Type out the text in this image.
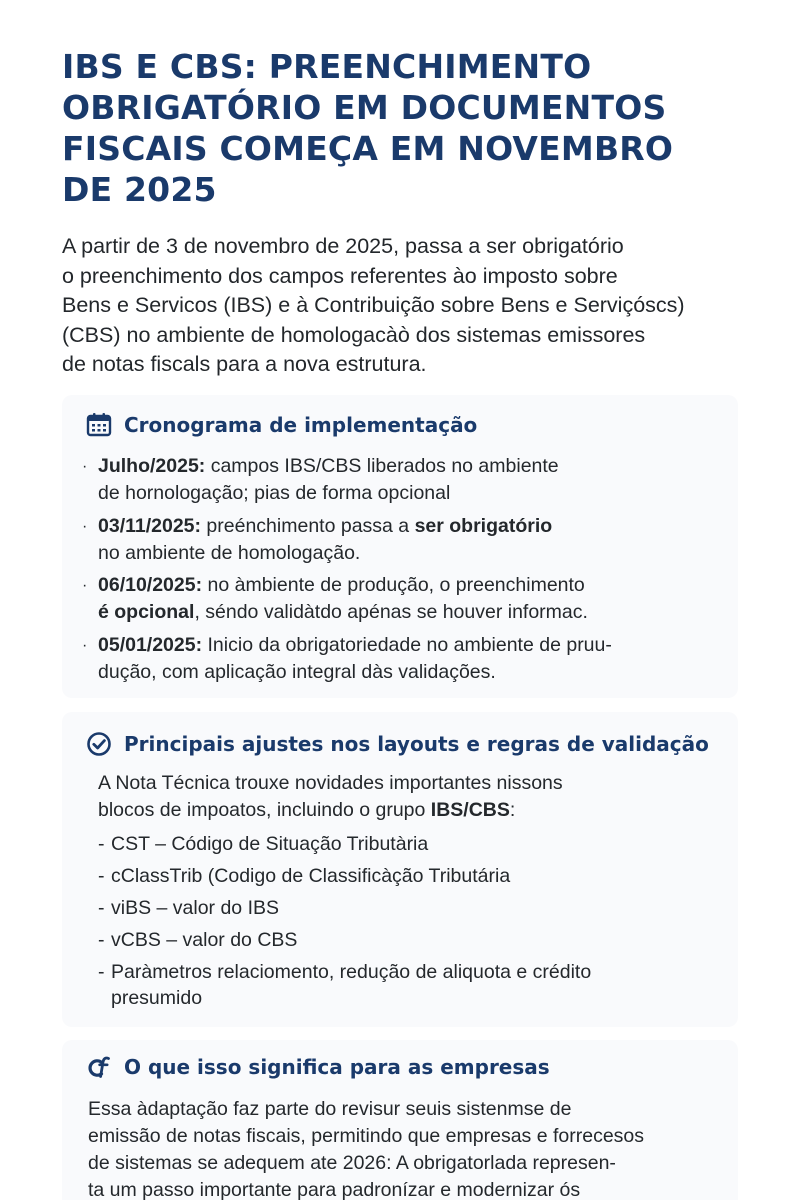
IBS E CBS: PREENCHIMENTO
OBRIGATÓRIO EM DOCUMENTOS
FISCAIS COMEÇA EM NOVEMBRO
DE 2025

A partir de 3 de novembro de 2025, passa a ser obrigatório
o preenchimento dos campos referentes ào imposto sobre
Bens e Servicos (IBS) e à Contribuição sobre Bens e Serviçóscs)
(CBS) no ambiente de homologacàò dos sistemas emissores
de notas fiscals para a nova estrutura.

Cronograma de implementação
· Julho/2025: campos IBS/CBS liberados no ambiente
de hornologação; pias de forma opcional
· 03/11/2025: preénchimento passa a ser obrigatório
no ambiente de homologação.
· 06/10/2025: no àmbiente de produção, o preenchimento
é opcional, séndo validàtdo apénas se houver informac.
· 05/01/2025: Inicio da obrigatoriedade no ambiente de pruu-
dução, com aplicação integral dàs validações.
Principais ajustes nos layouts e regras de validação

A Nota Técnica trouxe novidades importantes nissons
blocos de impoatos, incluindo o grupo IBS/CBS:

- CST – Código de Situação Tributària
- cClassTrib (Codigo de Classificàção Tributária
- viBS – valor do IBS
- vCBS – valor do CBS
- Paràmetros relaciomento, redução de aliquota e crédito
presumido
O que isso significa para as empresas

Essa àdaptação faz parte do revisur seuis sistenmse de
emissão de notas fiscais, permitindo que empresas e forrecesos
de sistemas se adequem ate 2026: A obrigatorlada represen-
ta um passo importante para padronízar e modernizar ós
